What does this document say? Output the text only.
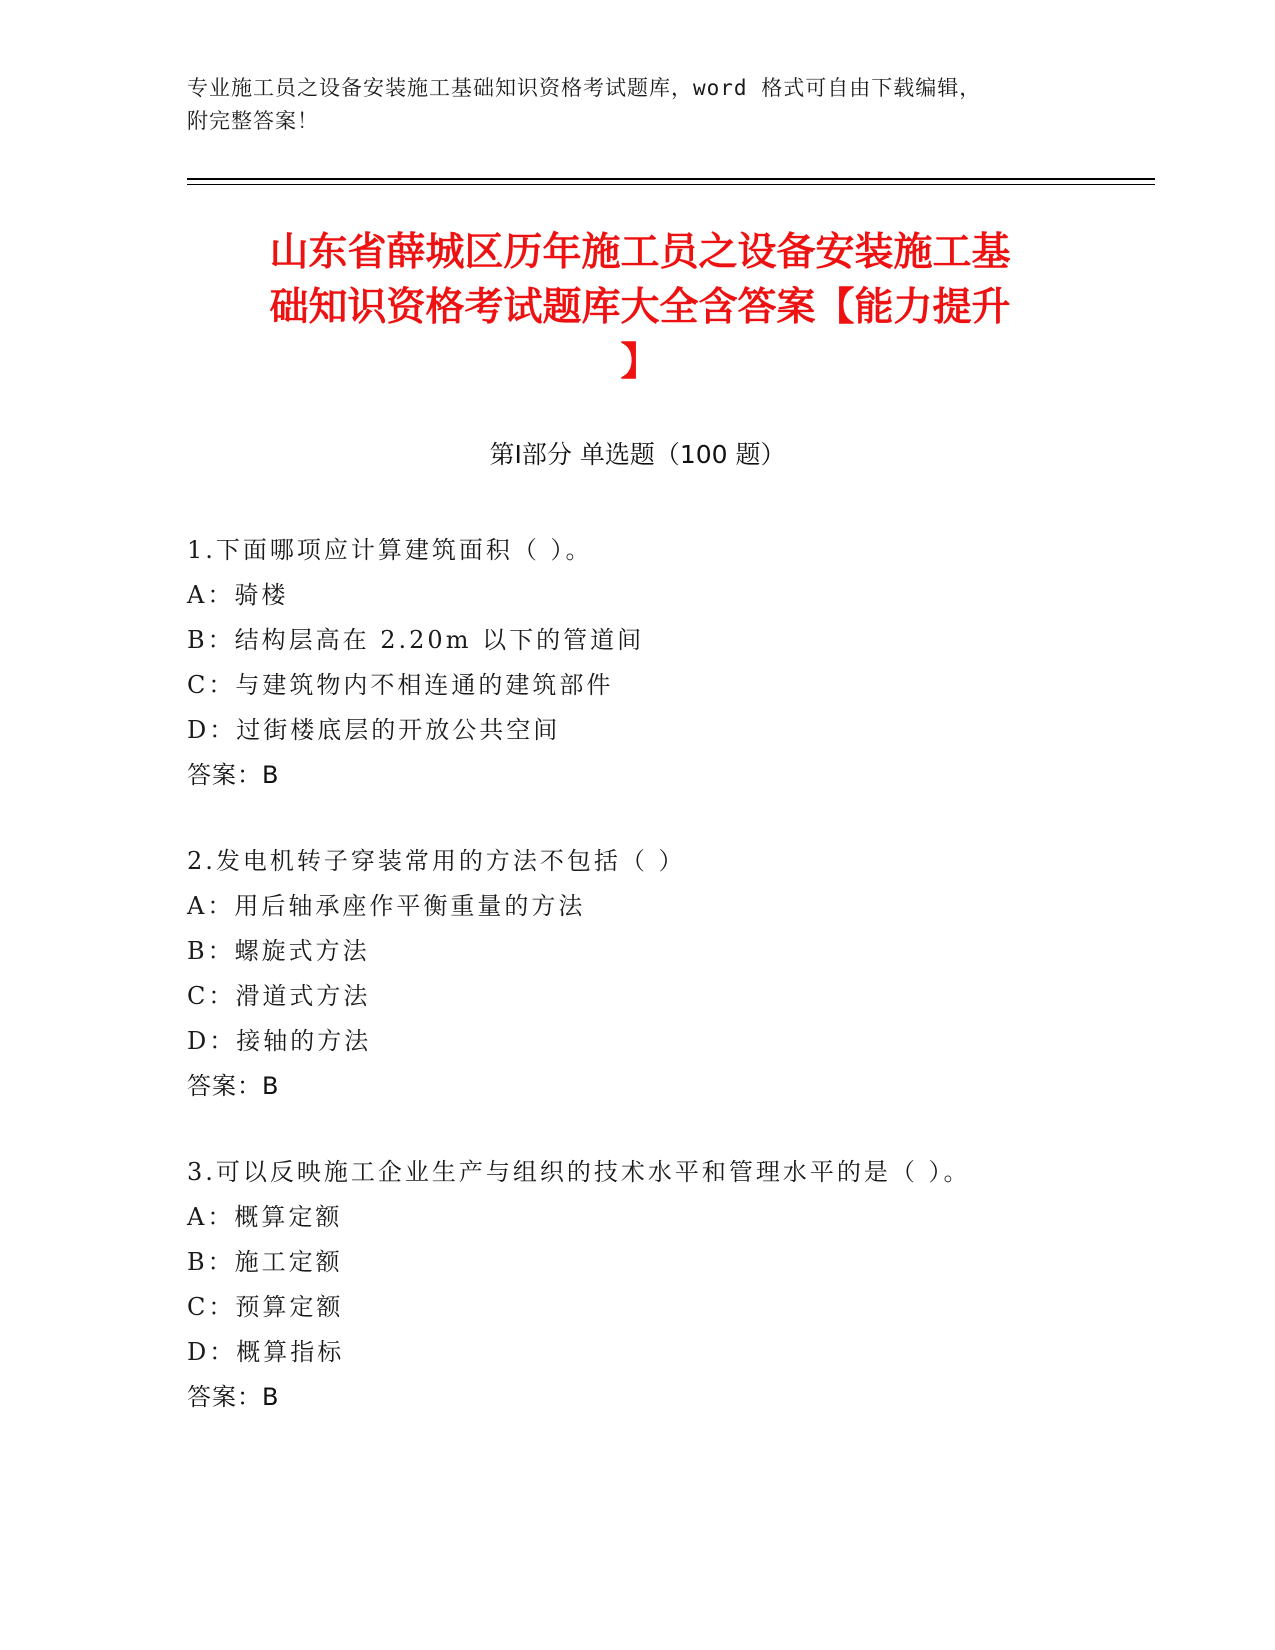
专业施工员之设备安装施工基础知识资格考试题库，word 格式可自由下载编辑，
附完整答案！
山东省薛城区历年施工员之设备安装施工基
础知识资格考试题库大全含答案【能力提升
】
第Ⅰ部分 单选题（100 题）
1.下面哪项应计算建筑面积（ ）。
A：骑楼
B：结构层高在 2.20m 以下的管道间
C：与建筑物内不相连通的建筑部件
D：过街楼底层的开放公共空间
答案：B
2.发电机转子穿装常用的方法不包括（ ）
A：用后轴承座作平衡重量的方法
B：螺旋式方法
C：滑道式方法
D：接轴的方法
答案：B
3.可以反映施工企业生产与组织的技术水平和管理水平的是（ ）。
A：概算定额
B：施工定额
C：预算定额
D：概算指标
答案：B
